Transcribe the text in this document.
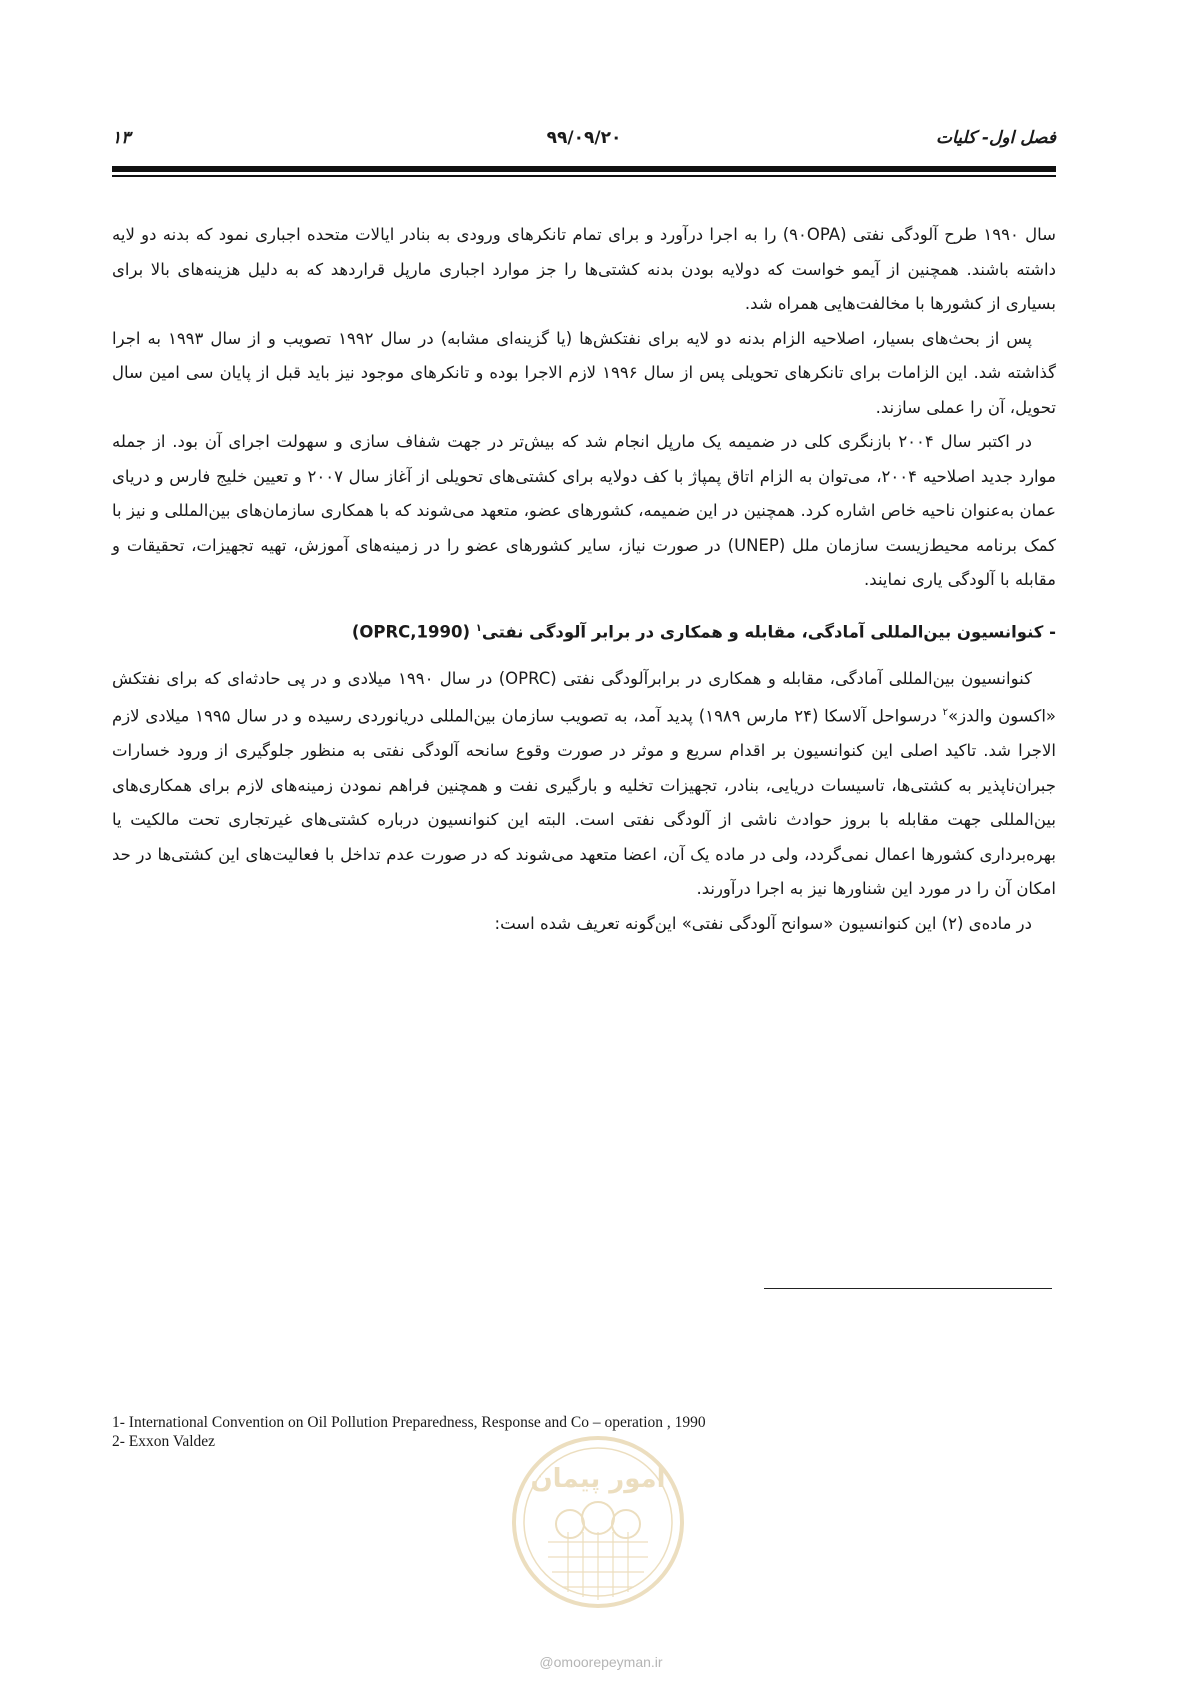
فصل اول- کلیات
۹۹/۰۹/۲۰
۱۳

سال ۱۹۹۰ طرح آلودگی نفتی (۹۰OPA) را به اجرا درآورد و برای تمام تانکرهای ورودی به بنادر ایالات متحده اجباری نمود که بدنه دو لایه داشته باشند. همچنین از آیمو خواست که دولایه بودن بدنه کشتی‌ها را جز موارد اجباری مارپل قراردهد که به دلیل هزینه‌های بالا برای بسیاری از کشورها با مخالفت‌هایی همراه شد.

پس از بحث‌های بسیار، اصلاحیه الزام بدنه دو لایه برای نفتکش‌ها (یا گزینه‌ای مشابه) در سال ۱۹۹۲ تصویب و از سال ۱۹۹۳ به اجرا گذاشته شد. این الزامات برای تانکرهای تحویلی پس از سال ۱۹۹۶ لازم الاجرا بوده و تانکرهای موجود نیز باید قبل از پایان سی امین سال تحویل، آن را عملی سازند.

در اکتبر سال ۲۰۰۴ بازنگری کلی در ضمیمه یک مارپل انجام شد که بیش‌تر در جهت شفاف سازی و سهولت اجرای آن بود. از جمله موارد جدید اصلاحیه ۲۰۰۴، می‌توان به الزام اتاق پمپاژ با کف دولایه برای کشتی‌های تحویلی از آغاز سال ۲۰۰۷ و تعیین خلیج فارس و دریای عمان به‌عنوان ناحیه خاص اشاره کرد. همچنین در این ضمیمه، کشورهای عضو، متعهد می‌شوند که با همکاری سازمان‌های بین‌المللی و نیز با کمک برنامه محیط‌زیست سازمان ملل (UNEP) در صورت نیاز، سایر کشورهای عضو را در زمینه‌های آموزش، تهیه تجهیزات، تحقیقات و مقابله با آلودگی یاری نمایند.

- کنوانسیون بین‌المللی آمادگی، مقابله و همکاری در برابر آلودگی نفتی$^۱$ (OPRC,1990)

کنوانسیون بین‌المللی آمادگی، مقابله و همکاری در برابرآلودگی نفتی (OPRC) در سال ۱۹۹۰ میلادی و در پی حادثه‌ای که برای نفتکش «اکسون والدز»$^۲$ درسواحل آلاسکا (۲۴ مارس ۱۹۸۹) پدید آمد، به تصویب سازمان بین‌المللی دریانوردی رسیده و در سال ۱۹۹۵ میلادی لازم الاجرا شد. تاکید اصلی این کنوانسیون بر اقدام سریع و موثر در صورت وقوع سانحه آلودگی نفتی به منظور جلوگیری از ورود خسارات جبران‌ناپذیر به کشتی‌ها، تاسیسات دریایی، بنادر، تجهیزات تخلیه و بارگیری نفت و همچنین فراهم نمودن زمینه‌های لازم برای همکاری‌های بین‌المللی جهت مقابله با بروز حوادث ناشی از آلودگی نفتی است. البته این کنوانسیون درباره کشتی‌های غیرتجاری تحت مالکیت یا بهره‌برداری کشورها اعمال نمی‌گردد، ولی در ماده یک آن، اعضا متعهد می‌شوند که در صورت عدم تداخل با فعالیت‌های این کشتی‌ها در حد امکان آن را در مورد این شناورها نیز به اجرا درآورند.

در ماده‌ی (۲) این کنوانسیون «سوانح آلودگی نفتی» این‌گونه تعریف شده است:

1- International Convention on Oil Pollution Preparedness, Response and Co – operation , 1990
2- Exxon Valdez
امور پیمان
@omoorepeyman.ir
